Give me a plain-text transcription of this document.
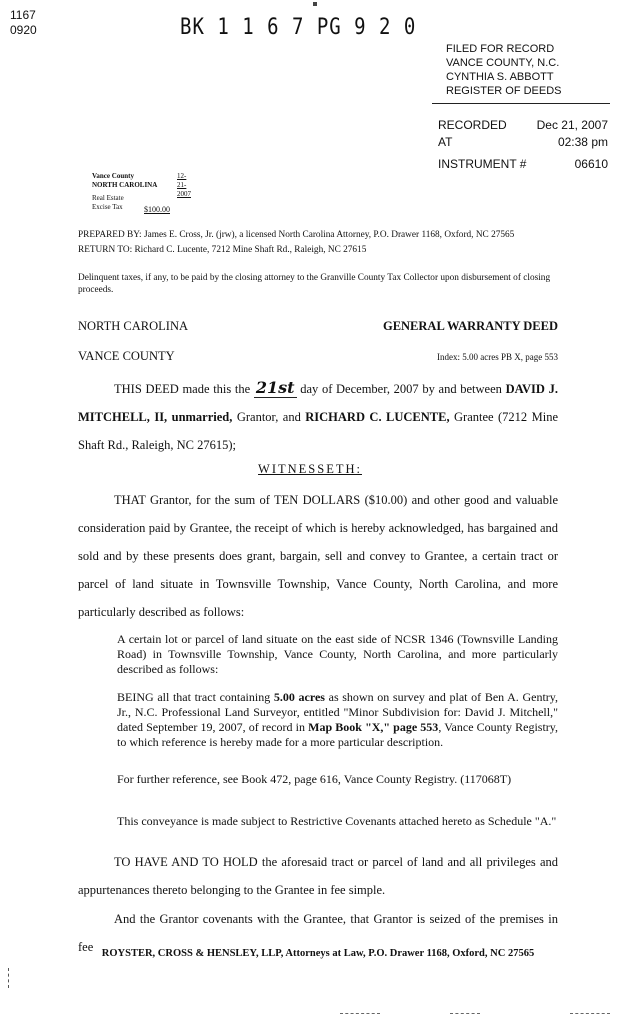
1167
0920	BK 1 1 6 7 PG 9 2 0
FILED FOR RECORD
VANCE COUNTY, N.C.
CYNTHIA S. ABBOTT
REGISTER OF DEEDS
RECORDED Dec 21, 2007
AT	02:38 pm
INSTRUMENT #	06610
Vance County
NORTH CAROLINA
Real Estate
Excise Tax
12-21-2007
$100.00
PREPARED BY: James E. Cross, Jr. (jrw), a licensed North Carolina Attorney, P.O. Drawer 1168, Oxford, NC 27565
RETURN TO: Richard C. Lucente, 7212 Mine Shaft Rd., Raleigh, NC 27615
Delinquent taxes, if any, to be paid by the closing attorney to the Granville County Tax Collector upon disbursement of closing proceeds.
NORTH CAROLINA	GENERAL WARRANTY DEED
VANCE COUNTY	Index: 5.00 acres PB X, page 553
THIS DEED made this the 21st day of December, 2007 by and between DAVID J. MITCHELL, II, unmarried, Grantor, and RICHARD C. LUCENTE, Grantee (7212 Mine Shaft Rd., Raleigh, NC 27615);
WITNESSETH:
THAT Grantor, for the sum of TEN DOLLARS ($10.00) and other good and valuable consideration paid by Grantee, the receipt of which is hereby acknowledged, has bargained and sold and by these presents does grant, bargain, sell and convey to Grantee, a certain tract or parcel of land situate in Townsville Township, Vance County, North Carolina, and more particularly described as follows:
A certain lot or parcel of land situate on the east side of NCSR 1346 (Townsville Landing Road) in Townsville Township, Vance County, North Carolina, and more particularly described as follows:
BEING all that tract containing 5.00 acres as shown on survey and plat of Ben A. Gentry, Jr., N.C. Professional Land Surveyor, entitled "Minor Subdivision for: David J. Mitchell," dated September 19, 2007, of record in Map Book "X," page 553, Vance County Registry, to which reference is hereby made for a more particular description.
For further reference, see Book 472, page 616, Vance County Registry. (117068T)
This conveyance is made subject to Restrictive Covenants attached hereto as Schedule "A."
TO HAVE AND TO HOLD the aforesaid tract or parcel of land and all privileges and appurtenances thereto belonging to the Grantee in fee simple.
And the Grantor covenants with the Grantee, that Grantor is seized of the premises in fee ROYSTER, CROSS & HENSLEY, LLP, Attorneys at Law, P.O. Drawer 1168, Oxford, NC 27565
